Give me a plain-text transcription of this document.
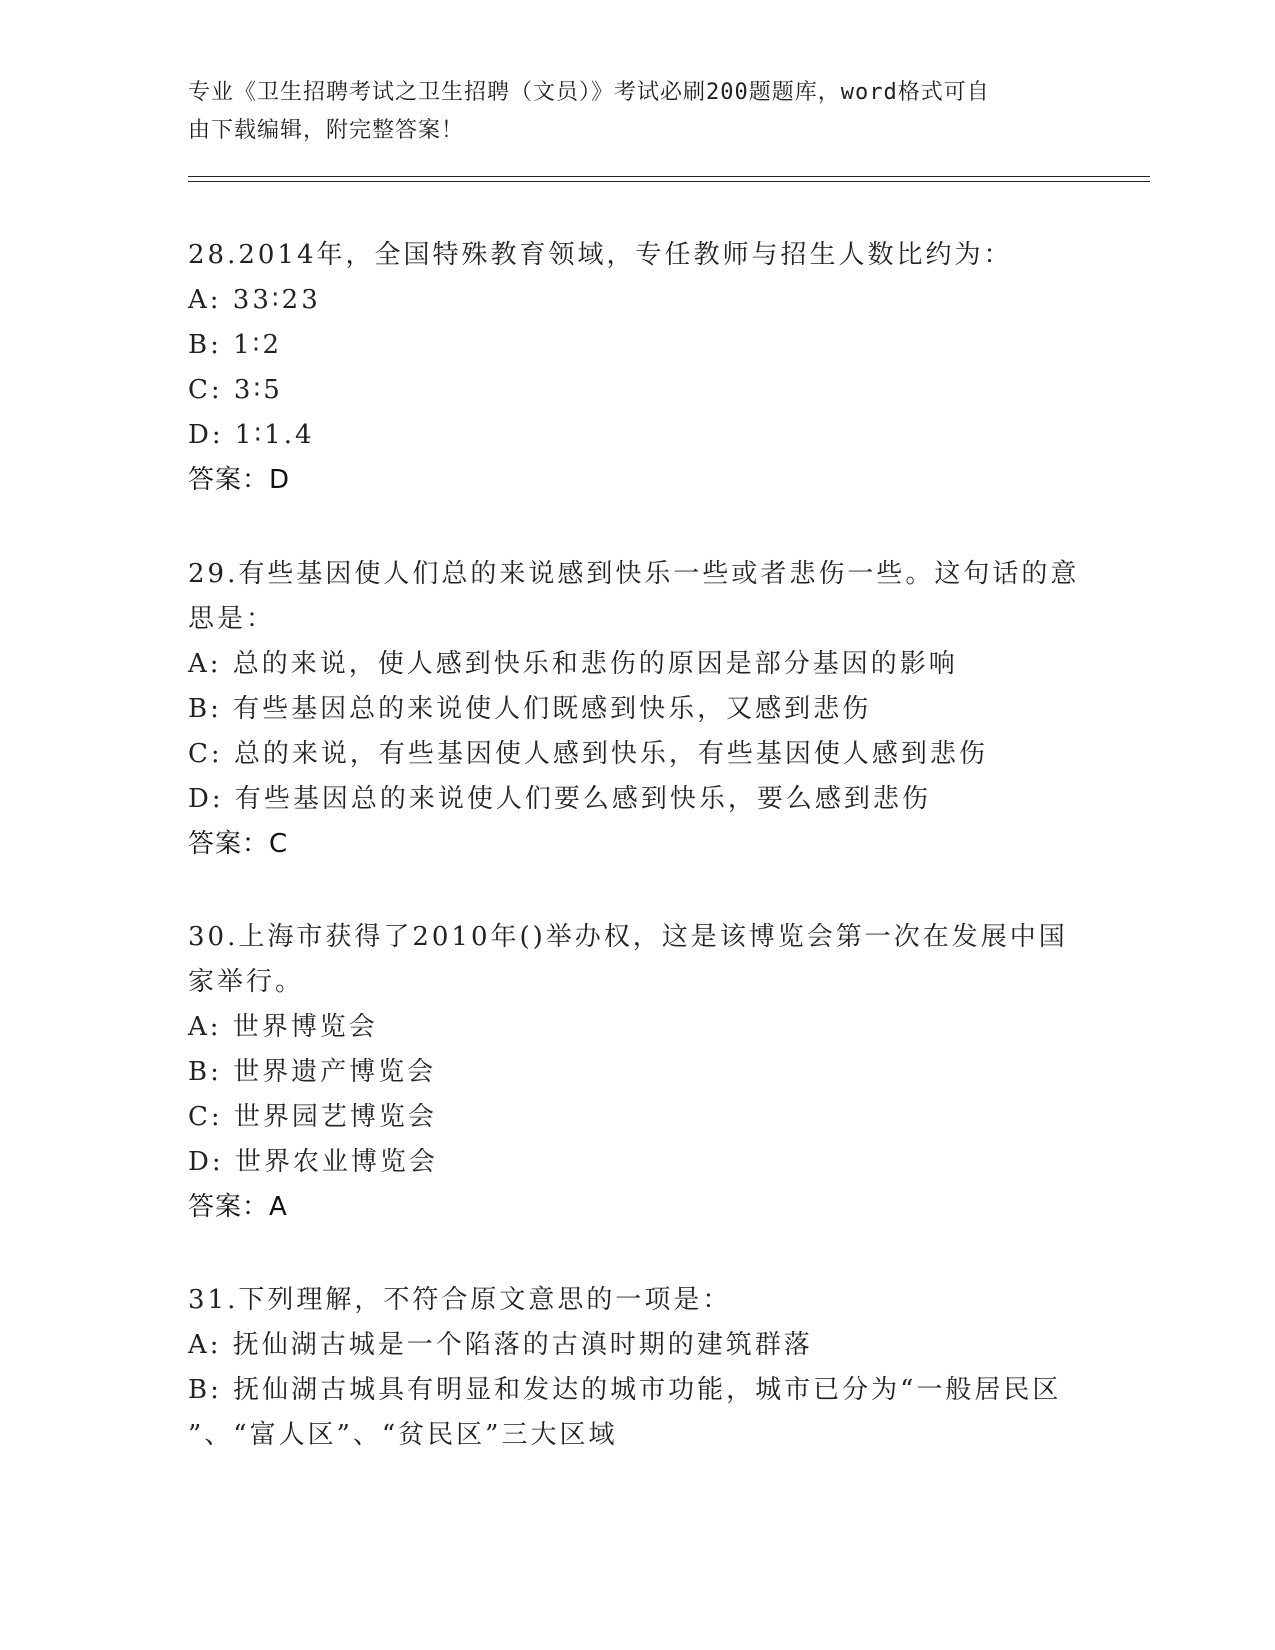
专业《卫生招聘考试之卫生招聘（文员）》考试必刷200题题库，word格式可自
由下载编辑，附完整答案！
28.2014年，全国特殊教育领域，专任教师与招生人数比约为：
A: 33∶23
B: 1∶2
C: 3∶5
D: 1∶1.4
答案：D
29.有些基因使人们总的来说感到快乐一些或者悲伤一些。这句话的意
思是：
A: 总的来说，使人感到快乐和悲伤的原因是部分基因的影响
B: 有些基因总的来说使人们既感到快乐，又感到悲伤
C: 总的来说，有些基因使人感到快乐，有些基因使人感到悲伤
D: 有些基因总的来说使人们要么感到快乐，要么感到悲伤
答案：C
30.上海市获得了2010年()举办权，这是该博览会第一次在发展中国
家举行。
A: 世界博览会
B: 世界遗产博览会
C: 世界园艺博览会
D: 世界农业博览会
答案：A
31.下列理解，不符合原文意思的一项是：
A: 抚仙湖古城是一个陷落的古滇时期的建筑群落
B: 抚仙湖古城具有明显和发达的城市功能，城市已分为“一般居民区
”、“富人区”、“贫民区”三大区域
